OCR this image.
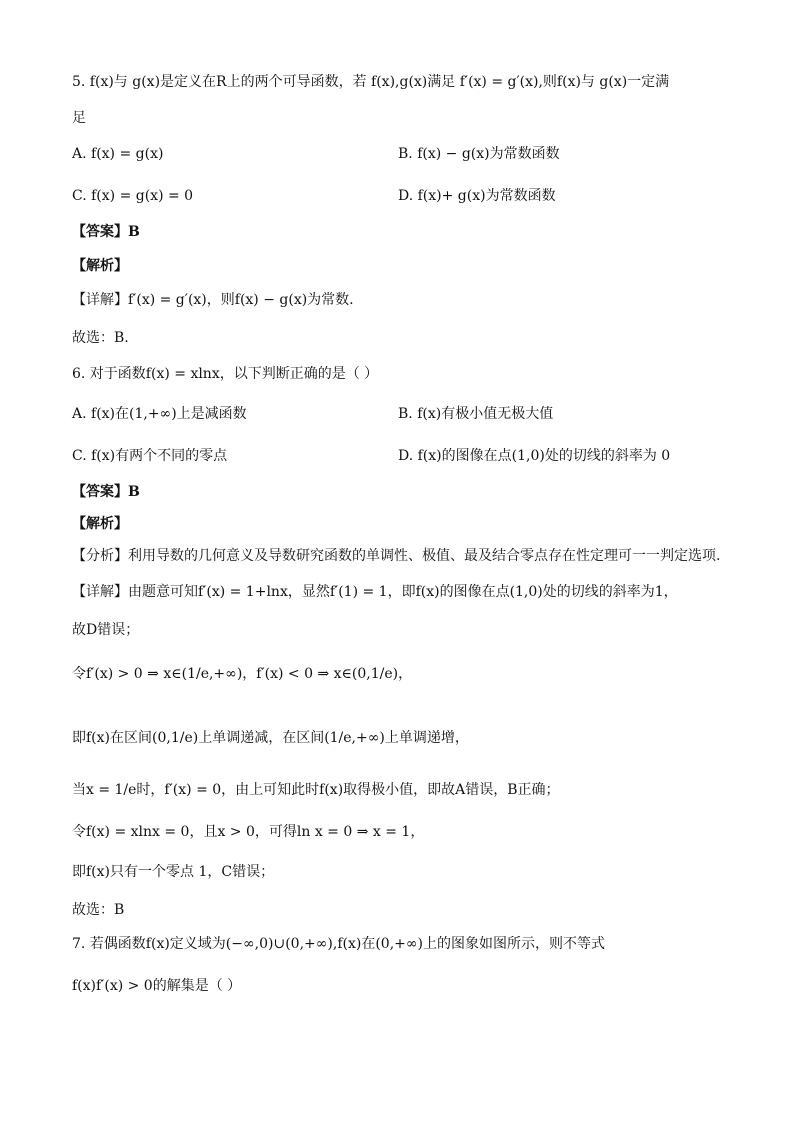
5. f(x)与 g(x)是定义在R上的两个可导函数，若 f(x),g(x)满足 f′(x) = g′(x),则f(x)与 g(x)一定满
足
A. f(x) = g(x)	B. f(x) − g(x)为常数函数
C. f(x) = g(x) = 0	D. f(x)+ g(x)为常数函数
【答案】B
【解析】
【详解】f′(x) = g′(x)，则f(x) − g(x)为常数.
故选：B.
6. 对于函数f(x) = xlnx，以下判断正确的是（ ）
A. f(x)在(1,+∞)上是减函数	B. f(x)有极小值无极大值
C. f(x)有两个不同的零点	D. f(x)的图像在点(1,0)处的切线的斜率为 0
【答案】B
【解析】
【分析】利用导数的几何意义及导数研究函数的单调性、极值、最及结合零点存在性定理可一一判定选项.
【详解】由题意可知f′(x) = 1+lnx，显然f′(1) = 1，即f(x)的图像在点(1,0)处的切线的斜率为1，
故D错误；
令f′(x) > 0 ⇒ x∈(1/e,+∞)，f′(x) < 0 ⇒ x∈(0,1/e)，
即f(x)在区间(0,1/e)上单调递减，在区间(1/e,+∞)上单调递增，
当x = 1/e时，f′(x) = 0，由上可知此时f(x)取得极小值，即故A错误，B正确；
令f(x) = xlnx = 0，且x > 0，可得ln x = 0 ⇒ x = 1，
即f(x)只有一个零点 1，C错误；
故选：B
7. 若偶函数f(x)定义域为(−∞,0)∪(0,+∞),f(x)在(0,+∞)上的图象如图所示，则不等式
f(x)f′(x) > 0的解集是（ ）
